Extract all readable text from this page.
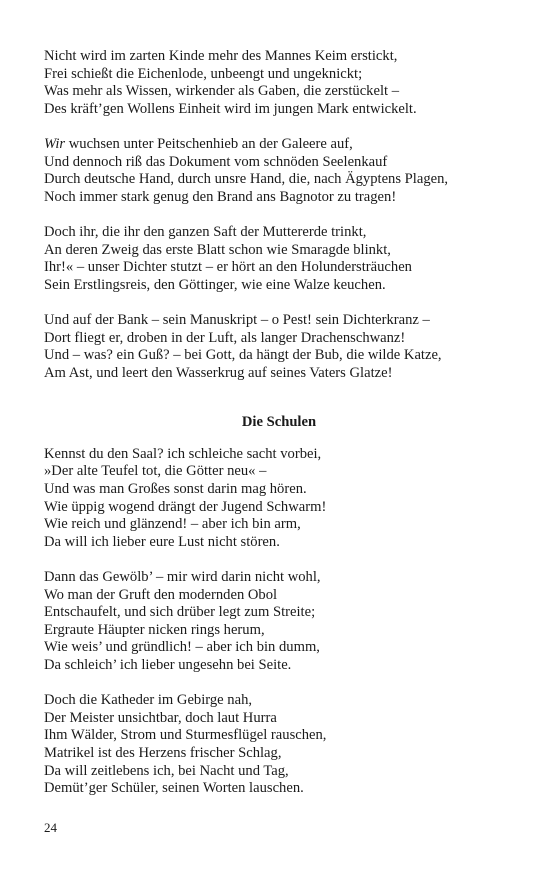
Nicht wird im zarten Kinde mehr des Mannes Keim erstickt,
Frei schießt die Eichenlode, unbeengt und ungeknickt;
Was mehr als Wissen, wirkender als Gaben, die zerstückelt –
Des kräft’gen Wollens Einheit wird im jungen Mark entwickelt.
Wir wuchsen unter Peitschenhieb an der Galeere auf,
Und dennoch riß das Dokument vom schnöden Seelenkauf
Durch deutsche Hand, durch unsre Hand, die, nach Ägyptens Plagen,
Noch immer stark genug den Brand ans Bagnotor zu tragen!
Doch ihr, die ihr den ganzen Saft der Muttererde trinkt,
An deren Zweig das erste Blatt schon wie Smaragde blinkt,
Ihr!« – unser Dichter stutzt – er hört an den Holundersträuchen
Sein Erstlingsreis, den Göttinger, wie eine Walze keuchen.
Und auf der Bank – sein Manuskript – o Pest! sein Dichterkranz –
Dort fliegt er, droben in der Luft, als langer Drachenschwanz!
Und – was? ein Guß? – bei Gott, da hängt der Bub, die wilde Katze,
Am Ast, und leert den Wasserkrug auf seines Vaters Glatze!
Die Schulen
Kennst du den Saal? ich schleiche sacht vorbei,
»Der alte Teufel tot, die Götter neu« –
Und was man Großes sonst darin mag hören.
Wie üppig wogend drängt der Jugend Schwarm!
Wie reich und glänzend! – aber ich bin arm,
Da will ich lieber eure Lust nicht stören.
Dann das Gewölb’ – mir wird darin nicht wohl,
Wo man der Gruft den modernden Obol
Entschaufelt, und sich drüber legt zum Streite;
Ergraute Häupter nicken rings herum,
Wie weis’ und gründlich! – aber ich bin dumm,
Da schleich’ ich lieber ungesehn bei Seite.
Doch die Katheder im Gebirge nah,
Der Meister unsichtbar, doch laut Hurra
Ihm Wälder, Strom und Sturmesflügel rauschen,
Matrikel ist des Herzens frischer Schlag,
Da will zeitlebens ich, bei Nacht und Tag,
Demüt’ger Schüler, seinen Worten lauschen.
24
